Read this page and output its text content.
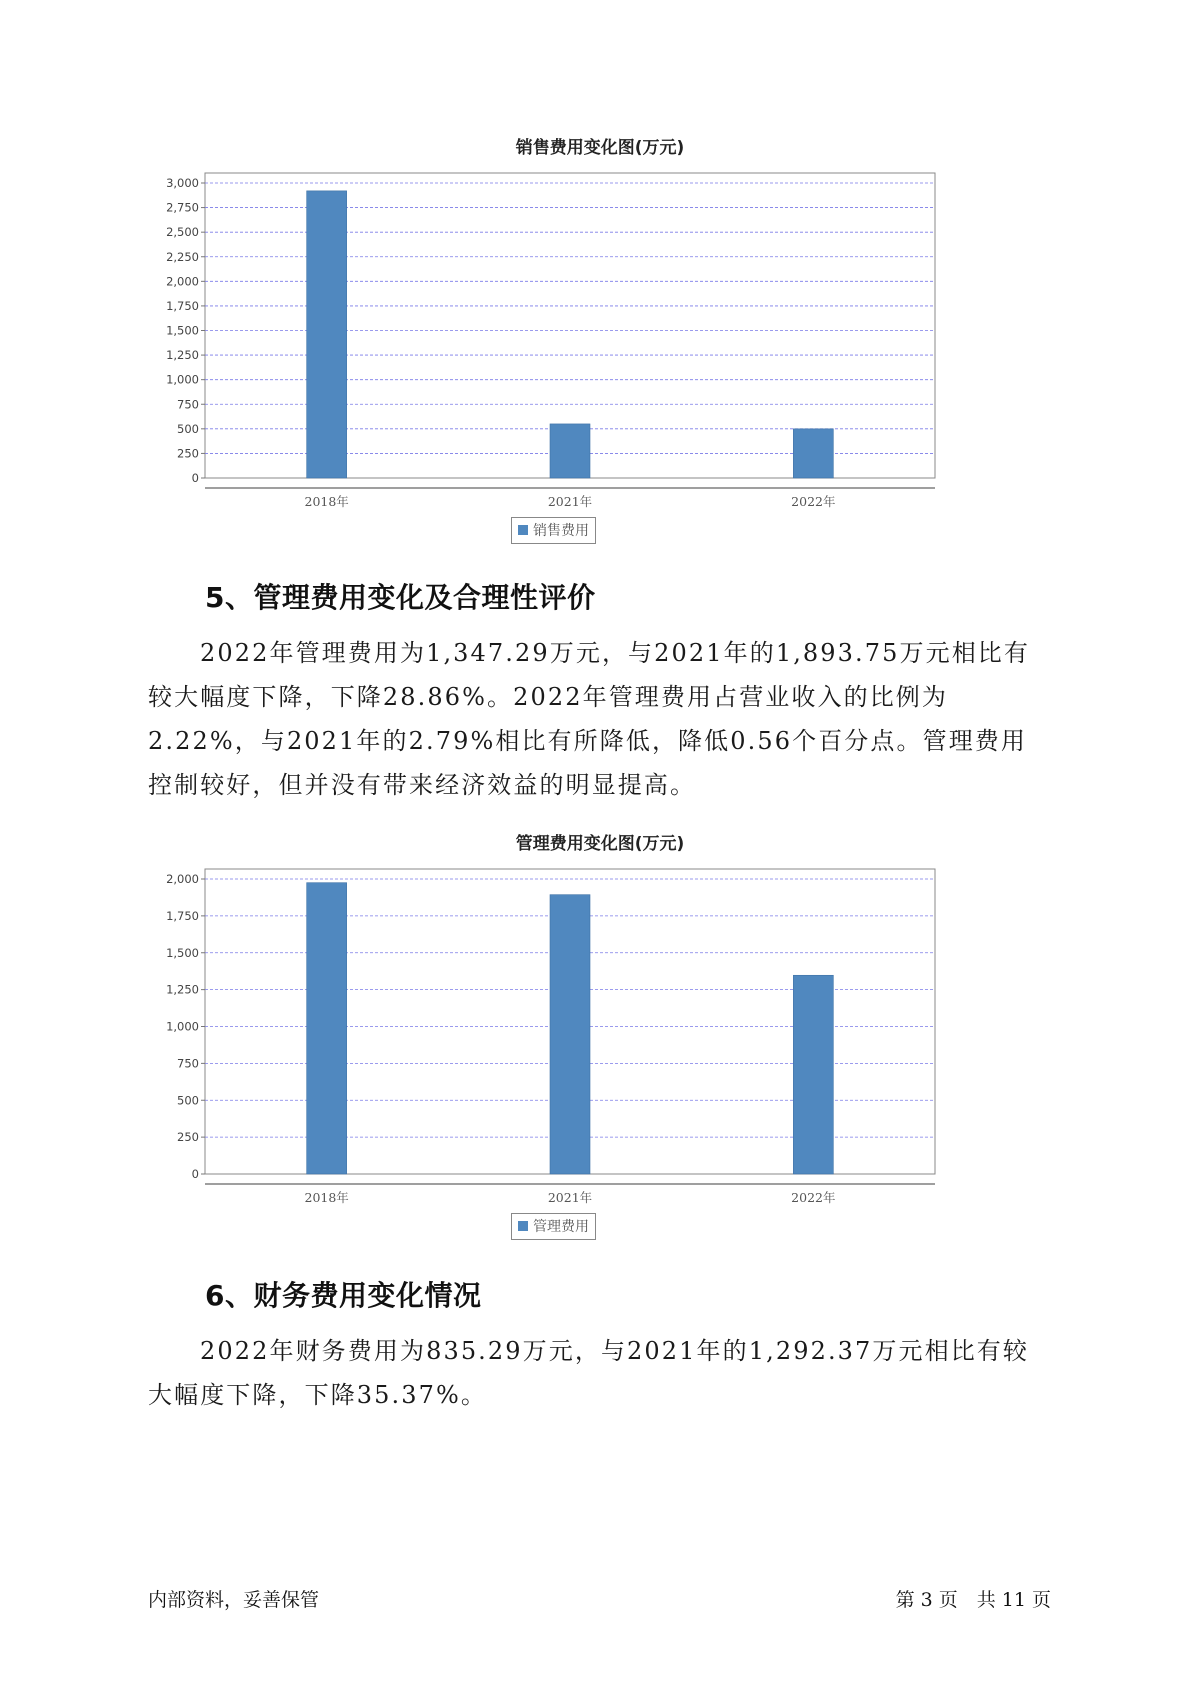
销售费用变化图(万元)
0
250
500
750
1,000
1,250
1,500
1,750
2,000
2,250
2,500
2,750
3,000
2018年	2021年	2022年
销售费用
5、管理费用变化及合理性评价

2022年管理费用为1,347.29万元，与2021年的1,893.75万元相比有较大幅度下降，下降28.86%。2022年管理费用占营业收入的比例为2.22%，与2021年的2.79%相比有所降低，降低0.56个百分点。管理费用控制较好，但并没有带来经济效益的明显提高。

管理费用变化图(万元)
0
250
500
750
1,000
1,250
1,500
1,750
2,000
2018年	2021年	2022年
管理费用
6、财务费用变化情况

2022年财务费用为835.29万元，与2021年的1,292.37万元相比有较大幅度下降，下降35.37%。

内部资料，妥善保管	第 3 页　共 11 页
